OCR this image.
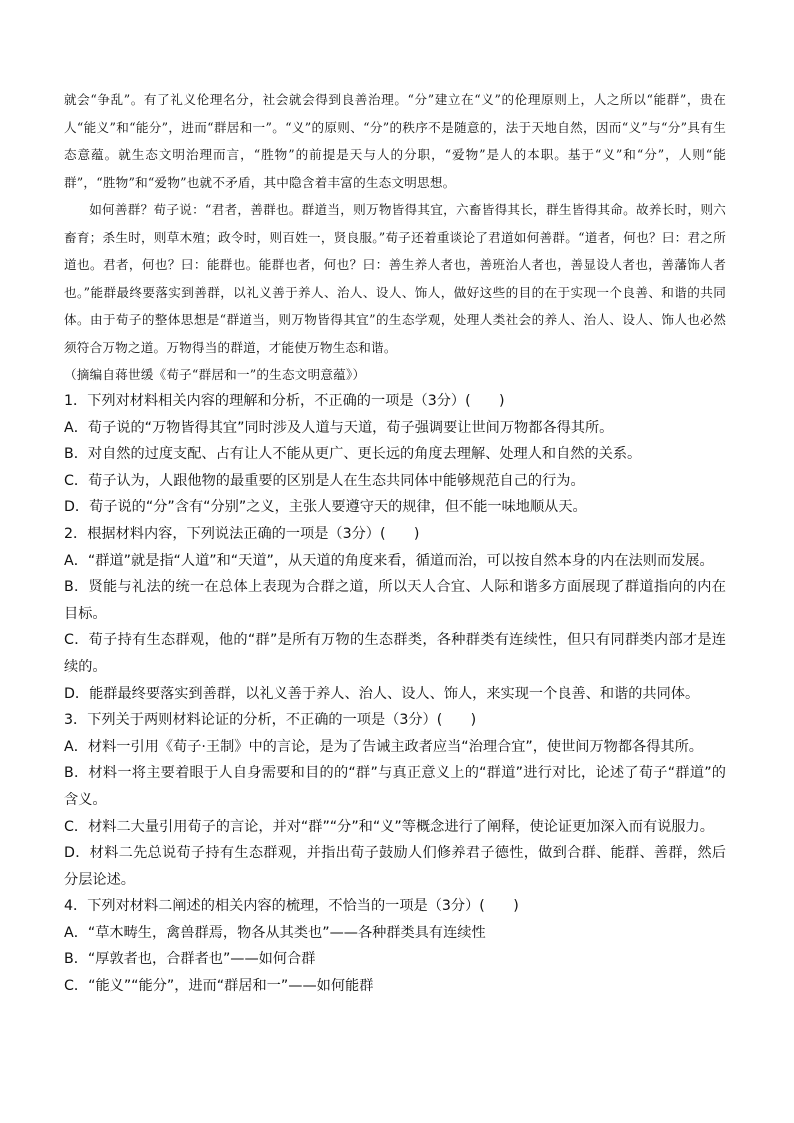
就会“争乱”。有了礼义伦理名分，社会就会得到良善治理。“分”建立在“义”的伦理原则上，人之所以“能群”，贵在人“能义”和“能分”，进而“群居和一”。“义”的原则、“分”的秩序不是随意的，法于天地自然，因而“义”与“分”具有生态意蕴。就生态文明治理而言，“胜物”的前提是天与人的分职，“爱物”是人的本职。基于“义”和“分”，人则“能群”，“胜物”和“爱物”也就不矛盾，其中隐含着丰富的生态文明思想。

如何善群？荀子说：“君者，善群也。群道当，则万物皆得其宜，六畜皆得其长，群生皆得其命。故养长时，则六畜育；杀生时，则草木殖；政令时，则百姓一，贤良服。”荀子还着重谈论了君道如何善群。“道者，何也？曰：君之所道也。君者，何也？曰：能群也。能群也者，何也？曰：善生养人者也，善班治人者也，善显设人者也，善藩饰人者也。”能群最终要落实到善群，以礼义善于养人、治人、设人、饰人，做好这些的目的在于实现一个良善、和谐的共同体。由于荀子的整体思想是“群道当，则万物皆得其宜”的生态学观，处理人类社会的养人、治人、设人、饰人也必然须符合万物之道。万物得当的群道，才能使万物生态和谐。

（摘编自蒋世缓《荀子“群居和一”的生态文明意蕴》）

1．下列对材料相关内容的理解和分析，不正确的一项是（3分）(　　)

A．荀子说的“万物皆得其宜”同时涉及人道与天道，荀子强调要让世间万物都各得其所。

B．对自然的过度支配、占有让人不能从更广、更长远的角度去理解、处理人和自然的关系。

C．荀子认为，人跟他物的最重要的区别是人在生态共同体中能够规范自己的行为。

D．荀子说的“分”含有“分别”之义，主张人要遵守天的规律，但不能一味地顺从天。

2．根据材料内容，下列说法正确的一项是（3分）(　　)

A．“群道”就是指“人道”和“天道”，从天道的角度来看，循道而治，可以按自然本身的内在法则而发展。

B．贤能与礼法的统一在总体上表现为合群之道，所以天人合宜、人际和谐多方面展现了群道指向的内在目标。

C．荀子持有生态群观，他的“群”是所有万物的生态群类，各种群类有连续性，但只有同群类内部才是连续的。

D．能群最终要落实到善群，以礼义善于养人、治人、设人、饰人，来实现一个良善、和谐的共同体。

3．下列关于两则材料论证的分析，不正确的一项是（3分）(　　)

A．材料一引用《荀子·王制》中的言论，是为了告诫主政者应当“治理合宜”，使世间万物都各得其所。

B．材料一将主要着眼于人自身需要和目的的“群”与真正意义上的“群道”进行对比，论述了荀子“群道”的含义。

C．材料二大量引用荀子的言论，并对“群”“分”和“义”等概念进行了阐释，使论证更加深入而有说服力。

D．材料二先总说荀子持有生态群观，并指出荀子鼓励人们修养君子德性，做到合群、能群、善群，然后分层论述。

4．下列对材料二阐述的相关内容的梳理，不恰当的一项是（3分）(　　)

A．“草木畴生，禽兽群焉，物各从其类也”——各种群类具有连续性

B．“厚敦者也，合群者也”——如何合群

C．“能义”“能分”，进而“群居和一”——如何能群
